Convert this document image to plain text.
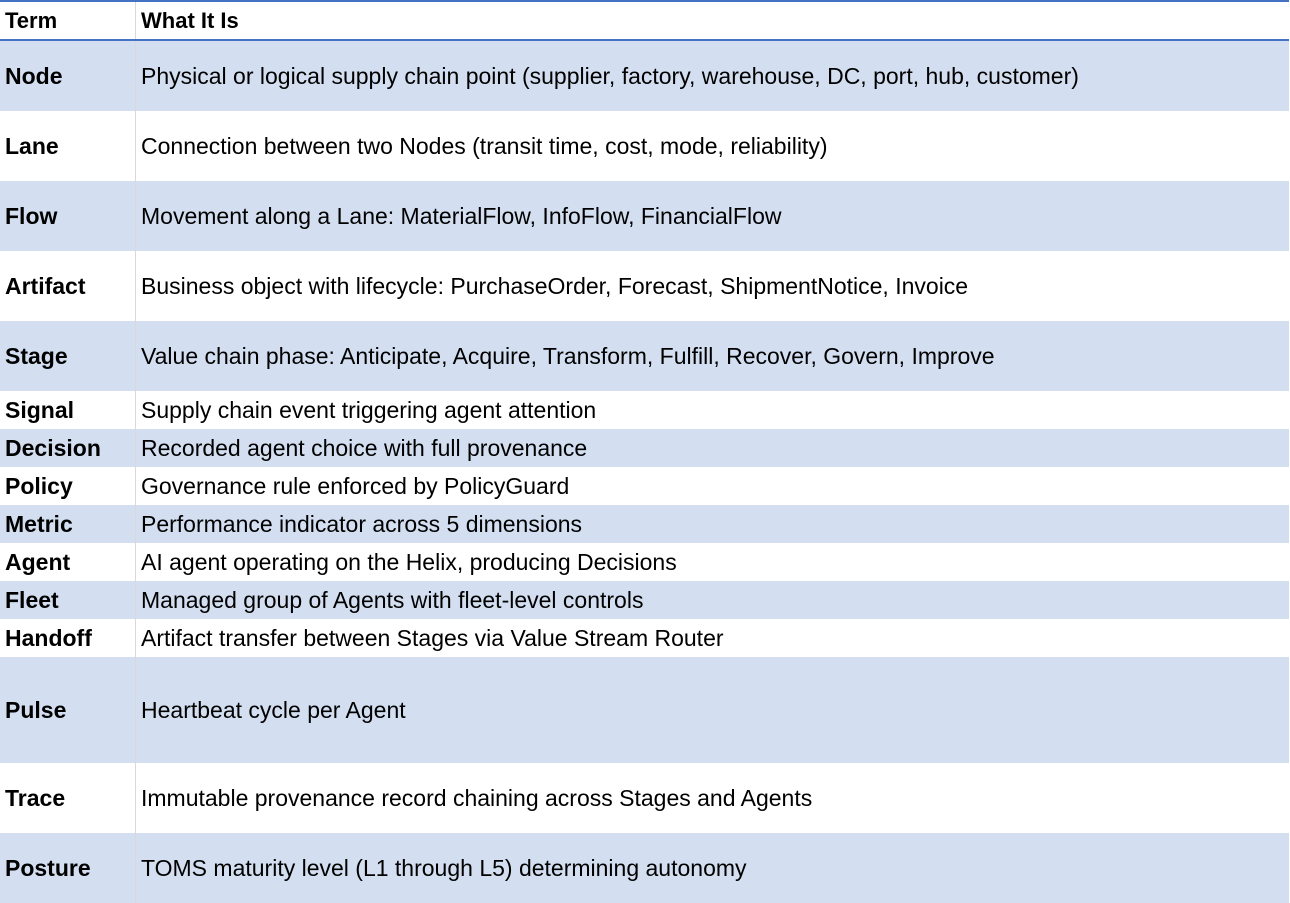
Term	What It Is
Node	Physical or logical supply chain point (supplier, factory, warehouse, DC, port, hub, customer)
Lane	Connection between two Nodes (transit time, cost, mode, reliability)
Flow	Movement along a Lane: MaterialFlow, InfoFlow, FinancialFlow
Artifact	Business object with lifecycle: PurchaseOrder, Forecast, ShipmentNotice, Invoice
Stage	Value chain phase: Anticipate, Acquire, Transform, Fulfill, Recover, Govern, Improve
Signal	Supply chain event triggering agent attention
Decision	Recorded agent choice with full provenance
Policy	Governance rule enforced by PolicyGuard
Metric	Performance indicator across 5 dimensions
Agent	AI agent operating on the Helix, producing Decisions
Fleet	Managed group of Agents with fleet-level controls
Handoff	Artifact transfer between Stages via Value Stream Router
Pulse	Heartbeat cycle per Agent
Trace	Immutable provenance record chaining across Stages and Agents
Posture	TOMS maturity level (L1 through L5) determining autonomy
